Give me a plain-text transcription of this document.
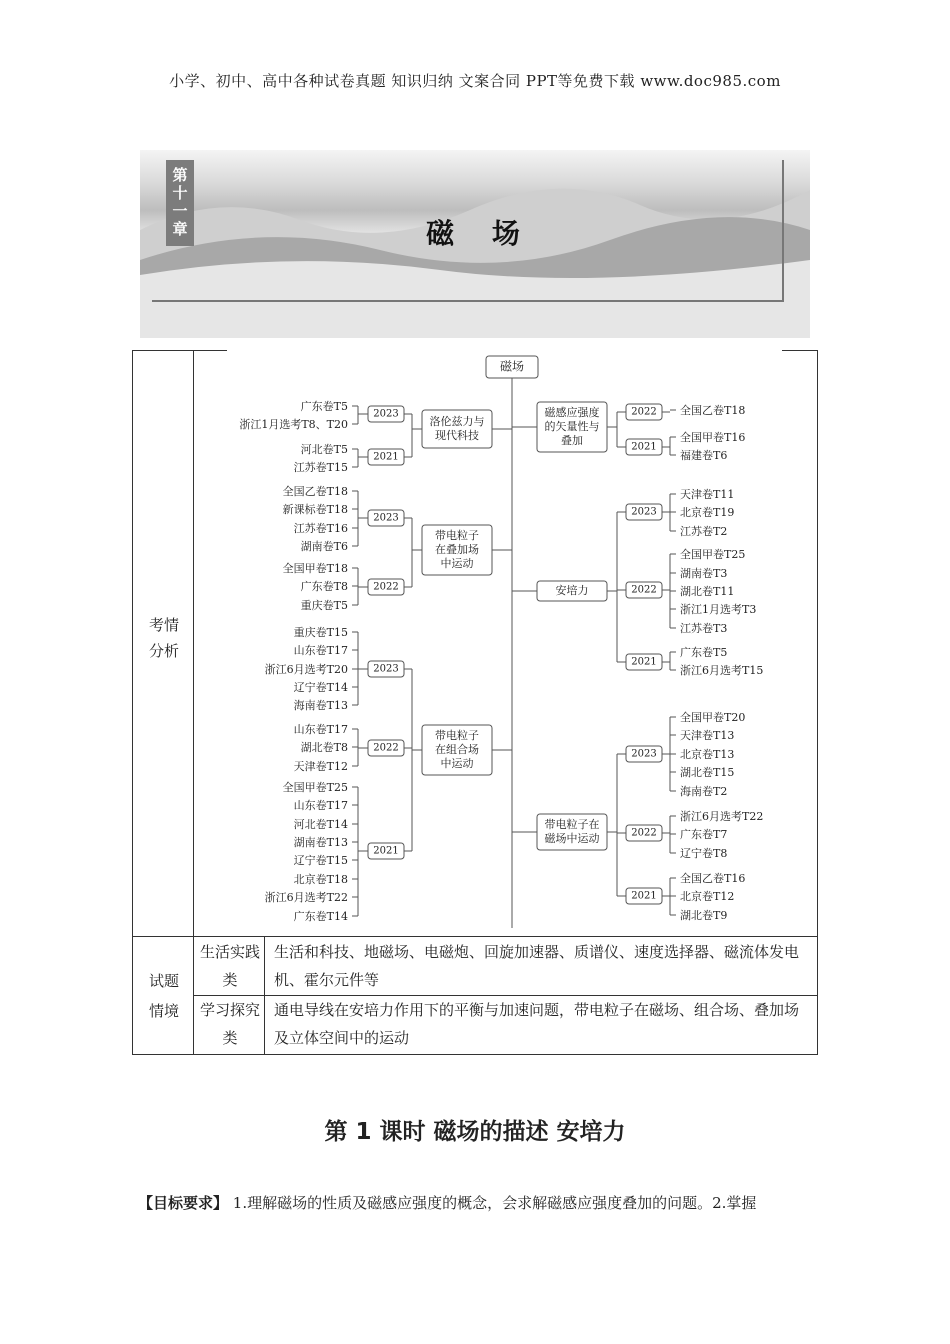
小学、初中、高中各种试卷真题 知识归纳 文案合同 PPT等免费下载 www.doc985.com
第
十
一
章	磁 场
考情分析
试题情境
生活实践类
生活和科技、地磁场、电磁炮、回旋加速器、质谱仪、速度选择器、磁流体发电机、霍尔元件等
学习探究类
通电导线在安培力作用下的平衡与加速问题，带电粒子在磁场、组合场、叠加场及立体空间中的运动
磁场
洛伦兹力与
现代科技
2023
广东卷T5
浙江1月选考T8、T20
2021
河北卷T5
江苏卷T15
带电粒子
在叠加场
中运动
2023
全国乙卷T18
新课标卷T18
江苏卷T16
湖南卷T6
2022
全国甲卷T18
广东卷T8
重庆卷T5
带电粒子
在组合场
中运动
2023
重庆卷T15
山东卷T17
浙江6月选考T20
辽宁卷T14
海南卷T13
2022
山东卷T17
湖北卷T8
天津卷T12
2021
全国甲卷T25
山东卷T17
河北卷T14
湖南卷T13
辽宁卷T15
北京卷T18
浙江6月选考T22
广东卷T14
磁感应强度
的矢量性与
叠加
2022 全国乙卷T18
2021
全国甲卷T16
福建卷T6
安培力
2023
天津卷T11
北京卷T19
江苏卷T2
2022
全国甲卷T25
湖南卷T3
湖北卷T11
浙江1月选考T3
江苏卷T3
2021
广东卷T5
浙江6月选考T15
带电粒子在
磁场中运动
2023
全国甲卷T20
天津卷T13
北京卷T13
湖北卷T15
海南卷T2
2022
浙江6月选考T22
广东卷T7
辽宁卷T8
2021
全国乙卷T16
北京卷T12
湖北卷T9
第 1 课时 磁场的描述 安培力
【目标要求】 1.理解磁场的性质及磁感应强度的概念，会求解磁感应强度叠加的问题。2.掌握
